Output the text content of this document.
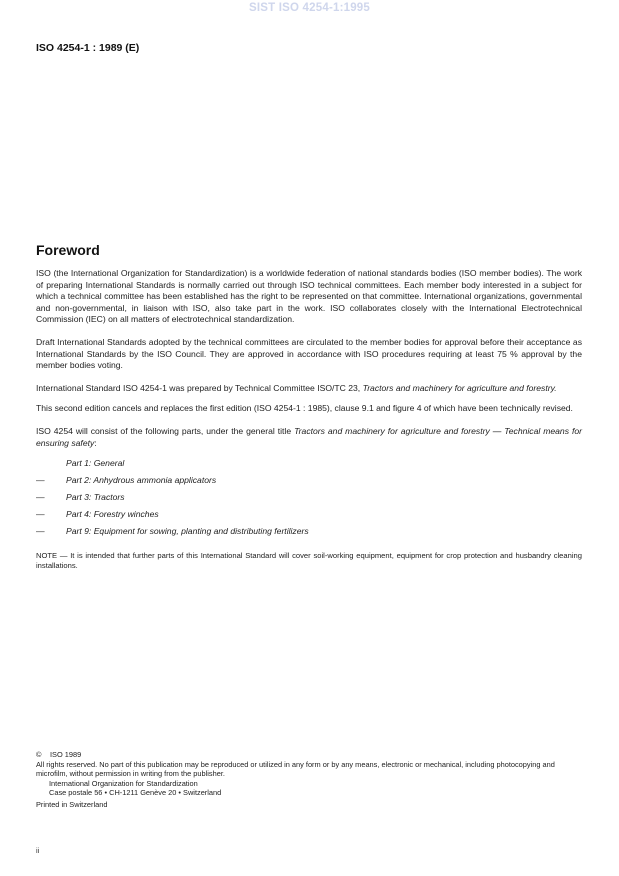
SIST ISO 4254-1:1995
ISO 4254-1 : 1989 (E)
Foreword

ISO (the International Organization for Standardization) is a worldwide federation of national standards bodies (ISO member bodies). The work of preparing International Standards is normally carried out through ISO technical committees. Each member body interested in a subject for which a technical committee has been established has the right to be represented on that committee. International organizations, governmental and non-governmental, in liaison with ISO, also take part in the work. ISO collaborates closely with the International Electrotechnical Commission (IEC) on all matters of electrotechnical standardization.

Draft International Standards adopted by the technical committees are circulated to the member bodies for approval before their acceptance as International Standards by the ISO Council. They are approved in accordance with ISO procedures requiring at least 75 % approval by the member bodies voting.

International Standard ISO 4254-1 was prepared by Technical Committee ISO/TC 23, Tractors and machinery for agriculture and forestry.

This second edition cancels and replaces the first edition (ISO 4254-1 : 1985), clause 9.1 and figure 4 of which have been technically revised.

ISO 4254 will consist of the following parts, under the general title Tractors and machinery for agriculture and forestry — Technical means for ensuring safety:

Part 1: General
— Part 2: Anhydrous ammonia applicators
— Part 3: Tractors
— Part 4: Forestry winches
— Part 9: Equipment for sowing, planting and distributing fertilizers
NOTE — It is intended that further parts of this International Standard will cover soil-working equipment, equipment for crop protection and husbandry cleaning installations.
© ISO 1989
All rights reserved. No part of this publication may be reproduced or utilized in any form or by any means, electronic or mechanical, including photocopying and microfilm, without permission in writing from the publisher.
International Organization for Standardization
Case postale 56 • CH-1211 Genève 20 • Switzerland
Printed in Switzerland
ii
